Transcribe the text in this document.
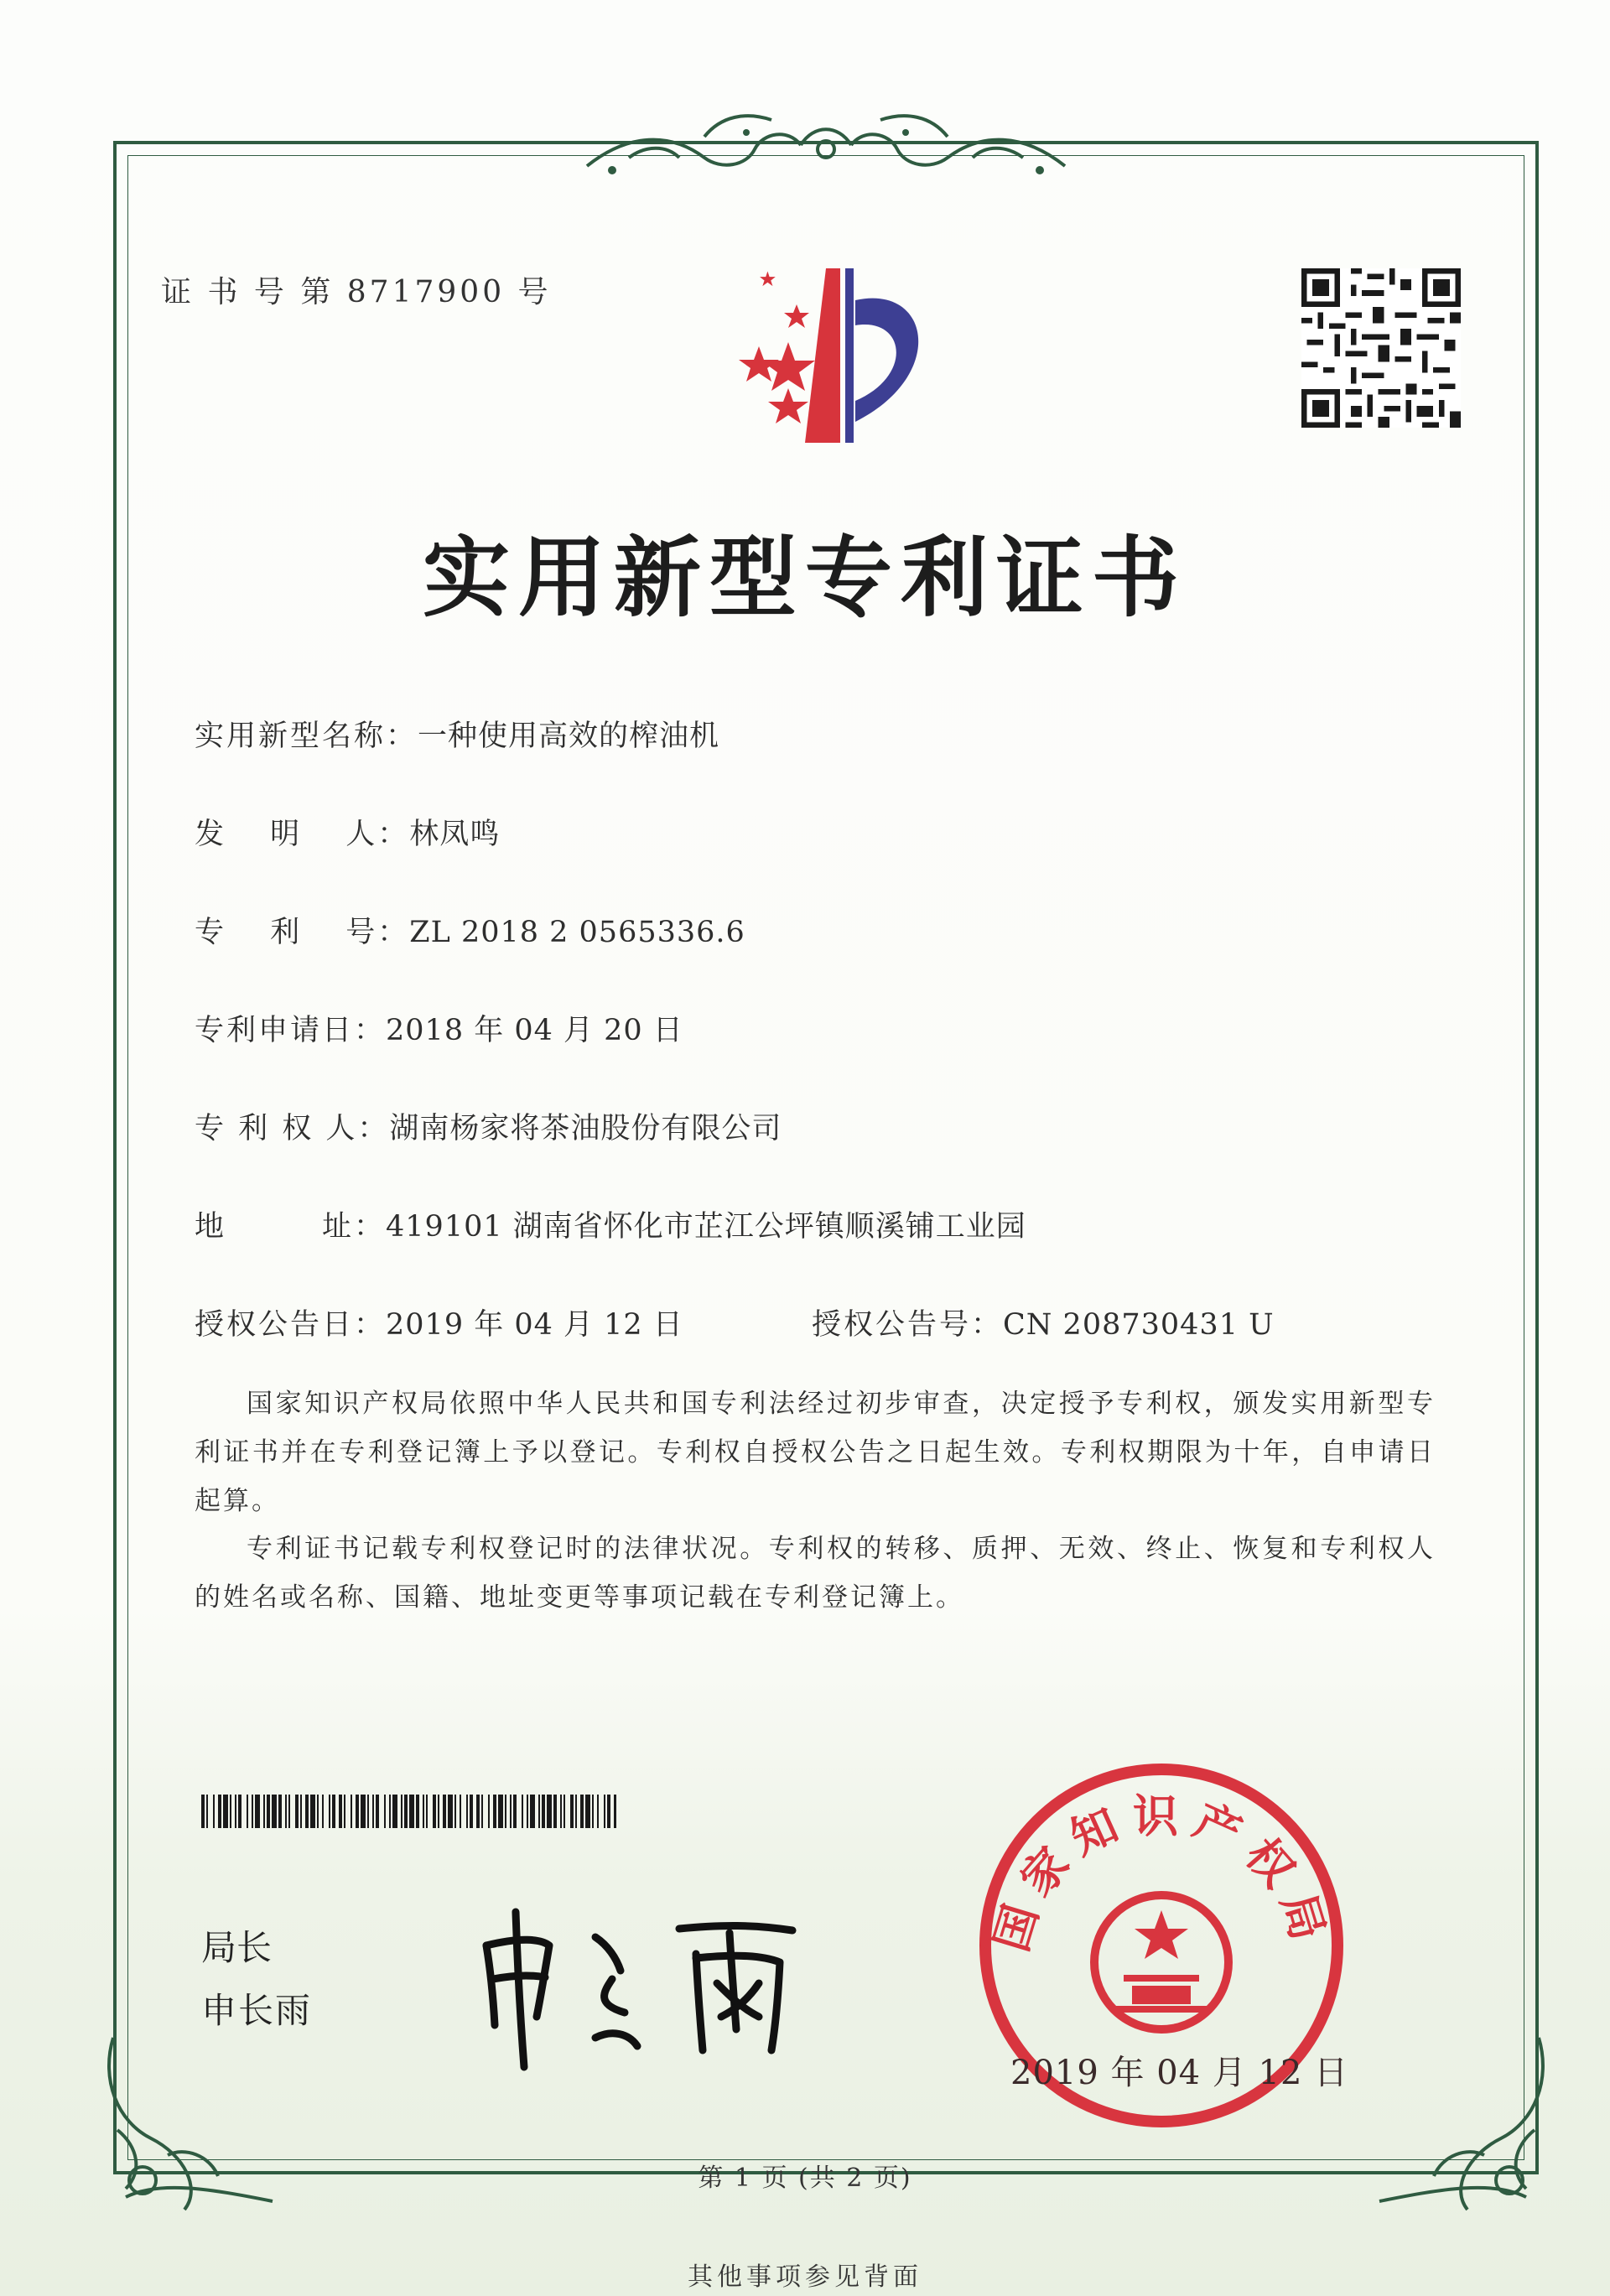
证 书 号 第 8717900 号
实用新型专利证书
实用新型名称：一种使用高效的榨油机
发　 明 　人：林凤鸣
专　 利 　号：ZL 2018 2 0565336.6
专利申请日：2018 年 04 月 20 日
专 利 权 人：湖南杨家将茶油股份有限公司
地　　　址：419101 湖南省怀化市芷江公坪镇顺溪铺工业园
授权公告日：2019 年 04 月 12 日	授权公告号：CN 208730431 U
国家知识产权局依照中华人民共和国专利法经过初步审查，决定授予专利权，颁发实用新型专利证书并在专利登记簿上予以登记。专利权自授权公告之日起生效。专利权期限为十年，自申请日起算。
专利证书记载专利权登记时的法律状况。专利权的转移、质押、无效、终止、恢复和专利权人的姓名或名称、国籍、地址变更等事项记载在专利登记簿上。
局长
申长雨
国家知识产权局
2019 年 04 月 12 日
第 1 页 (共 2 页)
其他事项参见背面
